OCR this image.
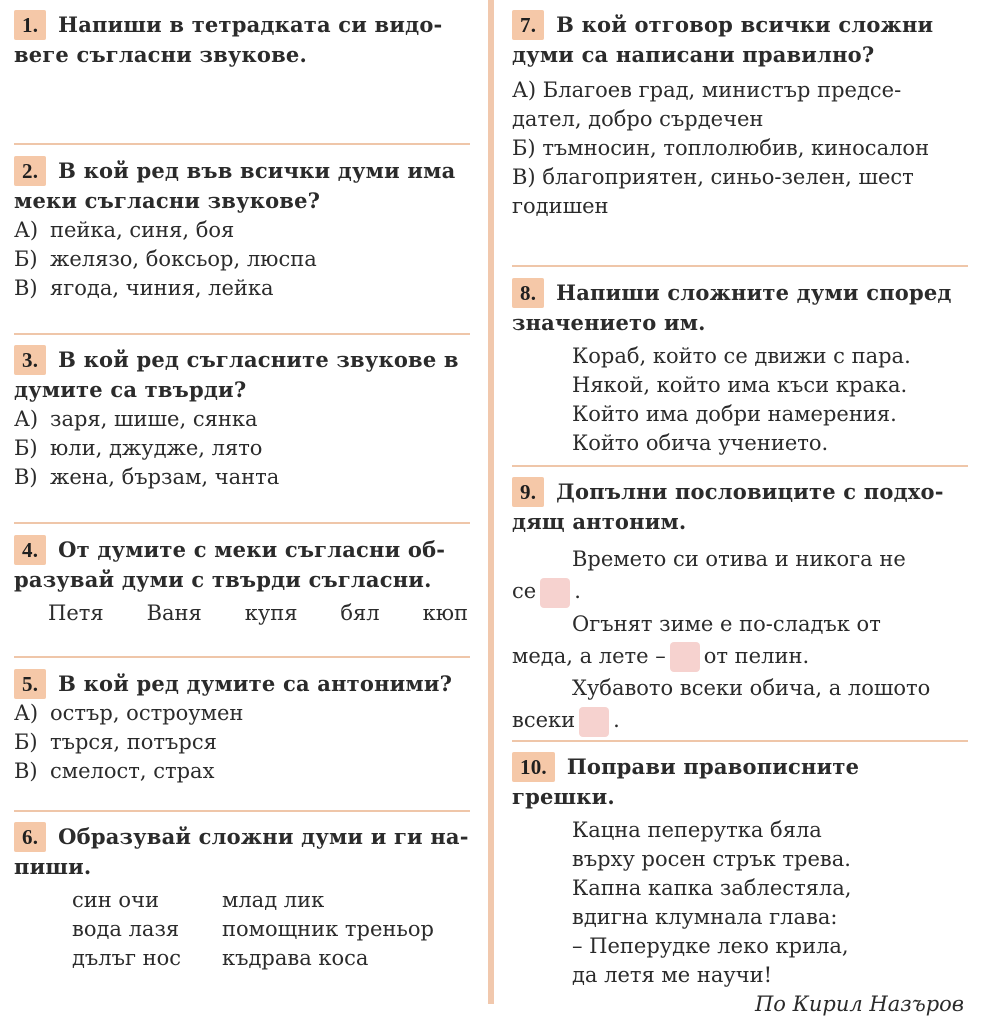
1. Напиши в тетрадката си видо- веге съгласни звукове.
2. В кой ред във всички думи има меки съгласни звукове?
А) пейка, синя, боя
Б) желязо, боксьор, люспа
В) ягода, чиния, лейка
3. В кой ред съгласните звукове в думите са твърди?
А) заря, шише, сянка
Б) юли, джудже, лято
В) жена, бързам, чанта
4. От думите с меки съгласни об- разувай думи с твърди съгласни.
Петя Ваня купя бял кюп
5. В кой ред думите са антоними?
А) остър, остроумен
Б) търся, потърся
В) смелост, страх
6. Образувай сложни думи и ги на- пиши.
син очи	млад лик
вода лазя	помощник треньор
дълъг нос	къдрава коса
7. В кой отговор всички сложни думи са написани правилно?
А) Благоев град, министър предсе- дател, добро сърдечен
Б) тъмносин, топлолюбив, киносалон
В) благоприятен, синьо-зелен, шест годишен
8. Напиши сложните думи според значението им.
Кораб, който се движи с пара.
Някой, който има къси крака.
Който има добри намерения.
Който обича учението.
9. Допълни пословиците с подхо- дящ антоним.
Времето си отива и никога не
се .
Огънят зиме е по-сладък от
меда, а лете – от пелин.
Хубавото всеки обича, а лошото
всеки .
10. Поправи правописните грешки.
Кацна пеперутка бяла
върху росен стрък трева.
Капна капка заблестяла,
вдигна клумнала глава:
– Пеперудке леко крила,
да летя ме научи!
По Кирил Назъров
